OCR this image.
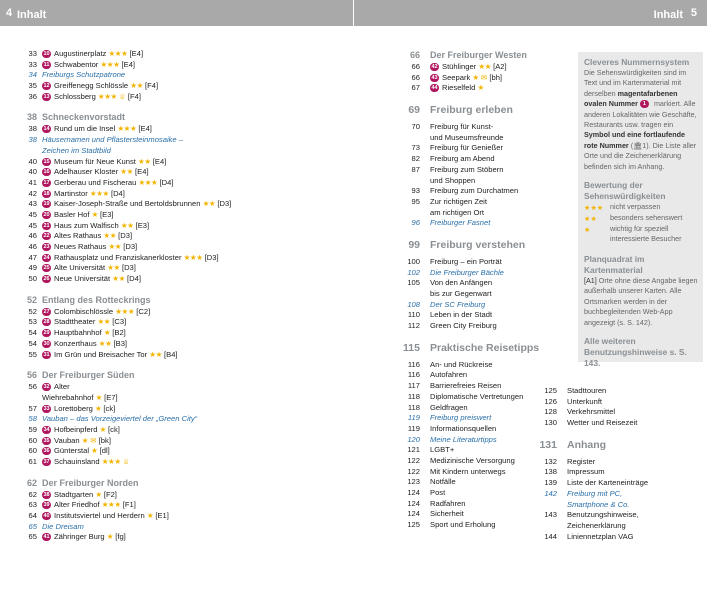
4 Inhalt	Inhalt 5
33 10 Augustinerplatz ★★★ [E4]
33 11 Schwabentor ★★★ [E4]
34 Freiburgs Schutzpatrone
35 12 Greiffenegg Schlössle ★★ [F4]
36 13 Schlossberg ★★★ ♕ [F4]
38 Schneckenvorstadt
38 14 Rund um die Insel ★★★ [E4]
38 Häusernamen und Pflastersteinmosaike –
Zeichen im Stadtbild
40 15 Museum für Neue Kunst ★★ [E4]
40 16 Adelhauser Kloster ★★ [E4]
41 17 Gerberau und Fischerau ★★★ [D4]
42 18 Martinstor ★★★ [D4]
43 19 Kaiser-Joseph-Straße und Bertoldsbrunnen ★★ [D3]
45 20 Basler Hof ★ [E3]
45 21 Haus zum Walfisch ★★ [E3]
46 22 Altes Rathaus ★★ [D3]
46 23 Neues Rathaus ★★ [D3]
47 24 Rathausplatz und Franziskanerkloster ★★★ [D3]
49 25 Alte Universität ★★ [D3]
50 26 Neue Universität ★★ [D4]
52 Entlang des Rotteckrings
52 27 Colombischlössle ★★★ [C2]
53 28 Stadttheater ★★ [C3]
54 29 Hauptbahnhof ★ [B2]
54 30 Konzerthaus ★★ [B3]
55 31 Im Grün und Breisacher Tor ★★ [B4]
56 Der Freiburger Süden
56 32 Alter
Wiehrebahnhof ★ [E7]
57 33 Lorettoberg ★ [ck]
58 Vauban – das Vorzeigeviertel der „Green City“
59 34 Hofbeinpferd ★ [ck]
60 35 Vauban ★ ✉ [bk]
60 36 Günterstal ★ [dl]
61 37 Schauinsland ★★★ ♕
62 Der Freiburger Norden
62 38 Stadtgarten ★ [F2]
63 39 Alter Friedhof ★★★ [F1]
64 40 Institutsviertel und Herdern ★ [E1]
65 Die Dreisam
65 41 Zähringer Burg ★ [fg]
66 Der Freiburger Westen
66 42 Stühlinger ★★ [A2]
66 43 Seepark ★ ✉ [bh]
67 44 Rieselfeld ★
69 Freiburg erleben
70 Freiburg für Kunst-
und Museumsfreunde
73 Freiburg für Genießer
82 Freiburg am Abend
87 Freiburg zum Stöbern
und Shoppen
93 Freiburg zum Durchatmen
95 Zur richtigen Zeit
am richtigen Ort
96 Freiburger Fasnet
99 Freiburg verstehen
100 Freiburg – ein Porträt
102 Die Freiburger Bächle
105 Von den Anfängen
bis zur Gegenwart
108 Der SC Freiburg
110 Leben in der Stadt
112 Green City Freiburg
115 Praktische Reisetipps
116 An- und Rückreise
116 Autofahren
117 Barrierefreies Reisen
118 Diplomatische Vertretungen
118 Geldfragen
119 Freiburg preiswert
119 Informationsquellen
120 Meine Literaturtipps
121 LGBT+
122 Medizinische Versorgung
122 Mit Kindern unterwegs
123 Notfälle
124 Post
124 Radfahren
124 Sicherheit
125 Sport und Erholung
125 Stadttouren
126 Unterkunft
128 Verkehrsmittel
130 Wetter und Reisezeit
131 Anhang
132 Register
138 Impressum
139 Liste der Karteneinträge
142 Freiburg mit PC,
Smartphone & Co.
143 Benutzungshinweise,
Zeichenerklärung
144 Liniennetzplan VAG
Cleveres Nummernsystem
Die Sehenswürdigkeiten sind im Text und im Kartenmaterial mit derselben magentafarbenen ovalen Nummer 1 markiert. Alle anderen Lokalitäten wie Geschäfte, Restaurants usw. tragen ein Symbol und eine fortlaufende rote Nummer (🏛1). Die Liste aller Orte und die Zeichenerklärung befinden sich im Anhang.
Bewertung der Sehenswürdigkeiten
★★★ nicht verpassen
★★ besonders sehenswert
★	wichtig für speziell interessierte Besucher
Planquadrat im Kartenmaterial
[A1] Orte ohne diese Angabe liegen außerhalb unserer Karten. Alle Ortsmarken werden in der buchbegleitenden Web-App angezeigt (s. S. 142).
Alle weiteren Benutzungshinweise s. S. 143.
